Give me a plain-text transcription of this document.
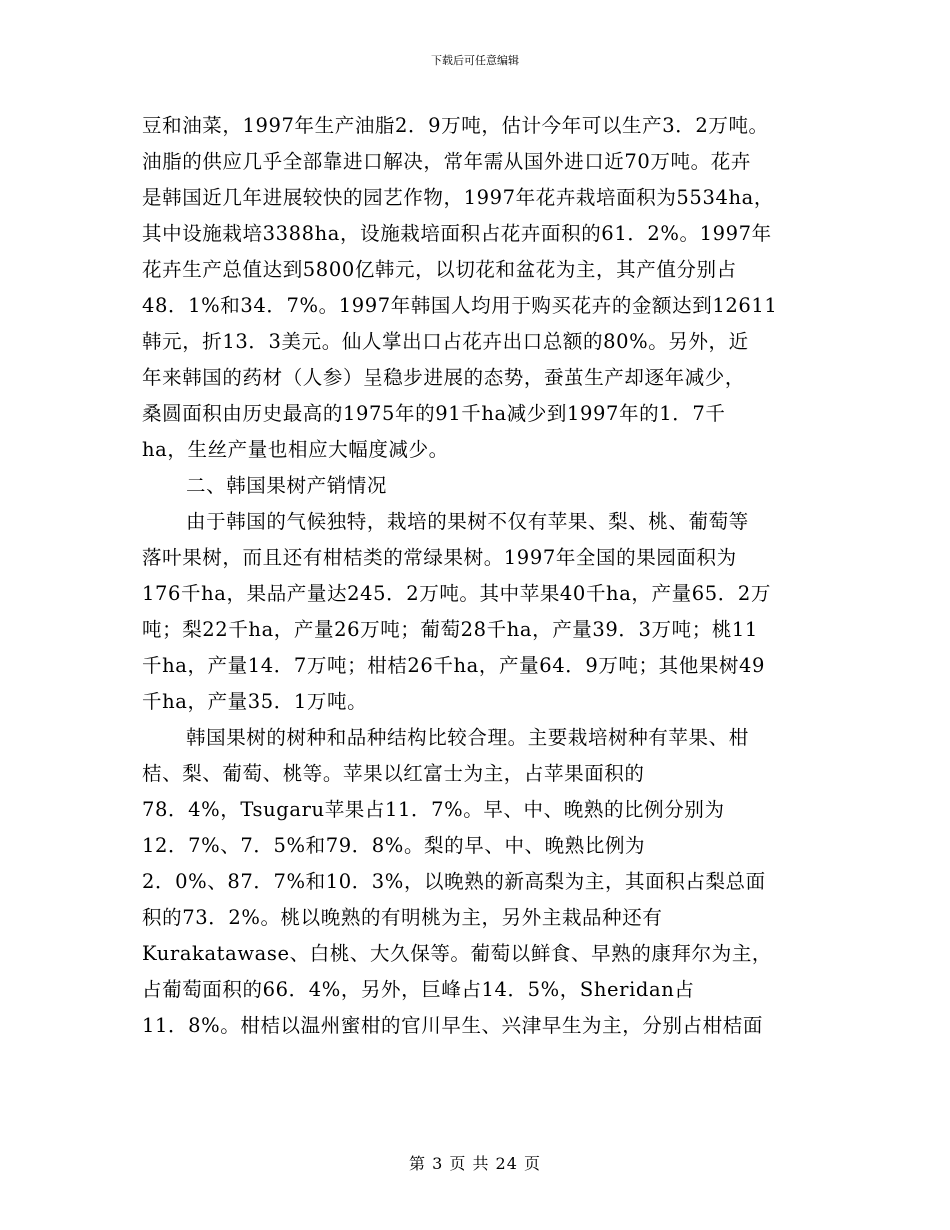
下载后可任意编辑
豆和油菜，1997年生产油脂2．9万吨，估计今年可以生产3．2万吨。
油脂的供应几乎全部靠进口解决，常年需从国外进口近70万吨。花卉
是韩国近几年进展较快的园艺作物，1997年花卉栽培面积为5534ha，
其中设施栽培3388ha，设施栽培面积占花卉面积的61．2%。1997年
花卉生产总值达到5800亿韩元，以切花和盆花为主，其产值分别占
48．1%和34．7%。1997年韩国人均用于购买花卉的金额达到12611
韩元，折13．3美元。仙人掌出口占花卉出口总额的80%。另外，近
年来韩国的药材（人参）呈稳步进展的态势，蚕茧生产却逐年减少，
桑圆面积由历史最高的1975年的91千ha减少到1997年的1．7千
ha，生丝产量也相应大幅度减少。
二、韩国果树产销情况
由于韩国的气候独特，栽培的果树不仅有苹果、梨、桃、葡萄等
落叶果树，而且还有柑桔类的常绿果树。1997年全国的果园面积为
176千ha，果品产量达245．2万吨。其中苹果40千ha，产量65．2万
吨；梨22千ha，产量26万吨；葡萄28千ha，产量39．3万吨；桃11
千ha，产量14．7万吨；柑桔26千ha，产量64．9万吨；其他果树49
千ha，产量35．1万吨。
韩国果树的树种和品种结构比较合理。主要栽培树种有苹果、柑
桔、梨、葡萄、桃等。苹果以红富士为主，占苹果面积的
78．4%，Tsugaru苹果占11．7%。早、中、晚熟的比例分别为
12．7%、7．5%和79．8%。梨的早、中、晚熟比例为
2．0%、87．7%和10．3%，以晚熟的新高梨为主，其面积占梨总面
积的73．2%。桃以晚熟的有明桃为主，另外主栽品种还有
Kurakatawase、白桃、大久保等。葡萄以鲜食、早熟的康拜尔为主，
占葡萄面积的66．4%，另外，巨峰占14．5%，Sheridan占
11．8%。柑桔以温州蜜柑的官川早生、兴津早生为主，分别占柑桔面
第 3 页 共 24 页
